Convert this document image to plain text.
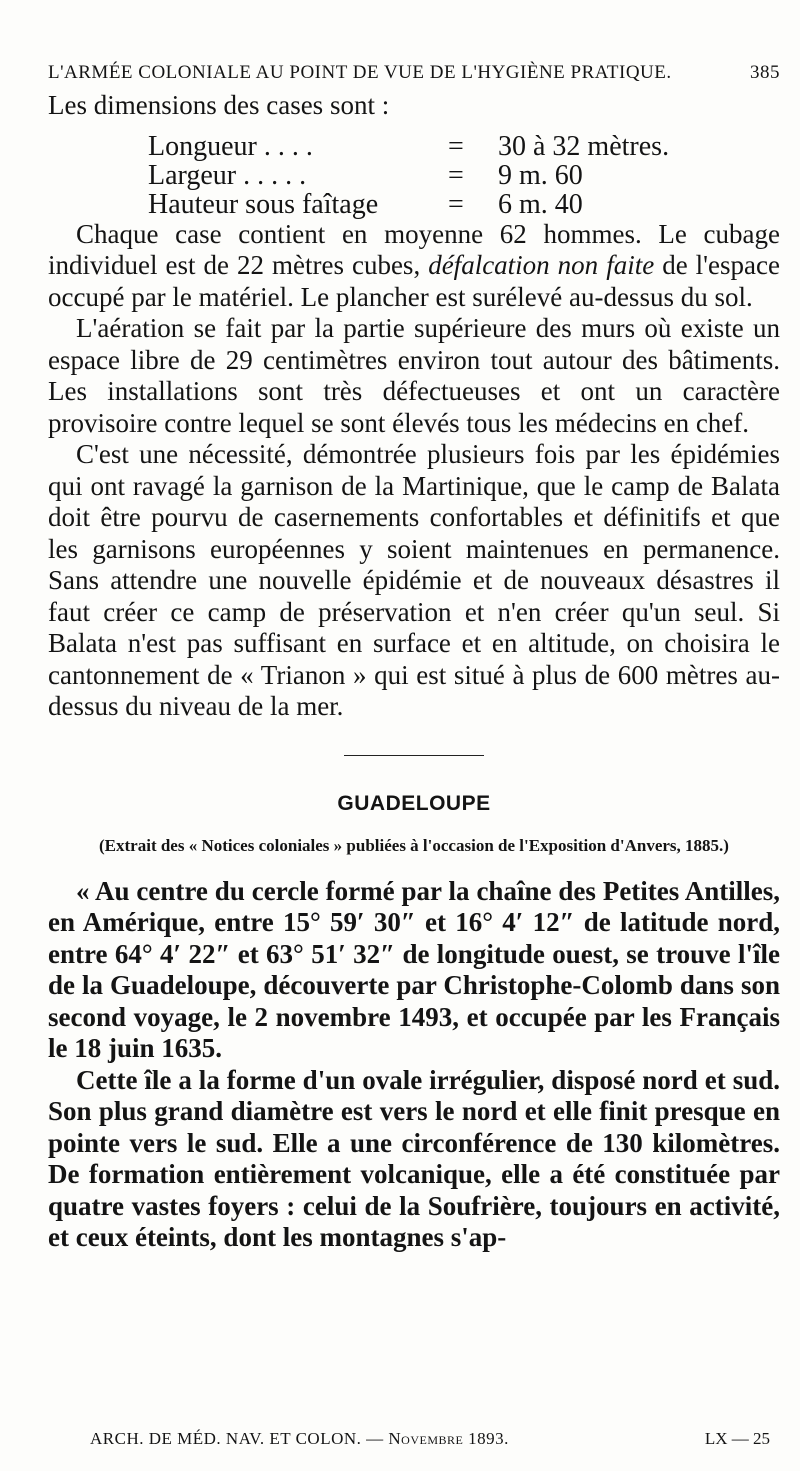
L'ARMÉE COLONIALE AU POINT DE VUE DE L'HYGIÈNE PRATIQUE.	385

Les dimensions des cases sont :

Longueur . . . .	=	30 à 32 mètres.
Largeur . . . . .	=	9 m. 60
Hauteur sous faîtage	=	6 m. 40

Chaque case contient en moyenne 62 hommes. Le cubage individuel est de 22 mètres cubes, défalcation non faite de l'espace occupé par le matériel. Le plancher est surélevé au-dessus du sol.

L'aération se fait par la partie supérieure des murs où existe un espace libre de 29 centimètres environ tout autour des bâtiments. Les installations sont très défectueuses et ont un caractère provisoire contre lequel se sont élevés tous les médecins en chef.

C'est une nécessité, démontrée plusieurs fois par les épidémies qui ont ravagé la garnison de la Martinique, que le camp de Balata doit être pourvu de casernements confortables et définitifs et que les garnisons européennes y soient maintenues en permanence. Sans attendre une nouvelle épidémie et de nouveaux désastres il faut créer ce camp de préservation et n'en créer qu'un seul. Si Balata n'est pas suffisant en surface et en altitude, on choisira le cantonnement de « Trianon » qui est situé à plus de 600 mètres au-dessus du niveau de la mer.

GUADELOUPE
(Extrait des « Notices coloniales » publiées à l'occasion de l'Exposition d'Anvers, 1885.)

« Au centre du cercle formé par la chaîne des Petites Antilles, en Amérique, entre 15° 59′ 30″ et 16° 4′ 12″ de latitude nord, entre 64° 4′ 22″ et 63° 51′ 32″ de longitude ouest, se trouve l'île de la Guadeloupe, découverte par Christophe-Colomb dans son second voyage, le 2 novembre 1493, et occupée par les Français le 18 juin 1635.

Cette île a la forme d'un ovale irrégulier, disposé nord et sud. Son plus grand diamètre est vers le nord et elle finit presque en pointe vers le sud. Elle a une circonférence de 130 kilomètres. De formation entièrement volcanique, elle a été constituée par quatre vastes foyers : celui de la Soufrière, toujours en activité, et ceux éteints, dont les montagnes s'ap-

ARCH. DE MÉD. NAV. ET COLON. — Novembre 1893.	LX — 25
